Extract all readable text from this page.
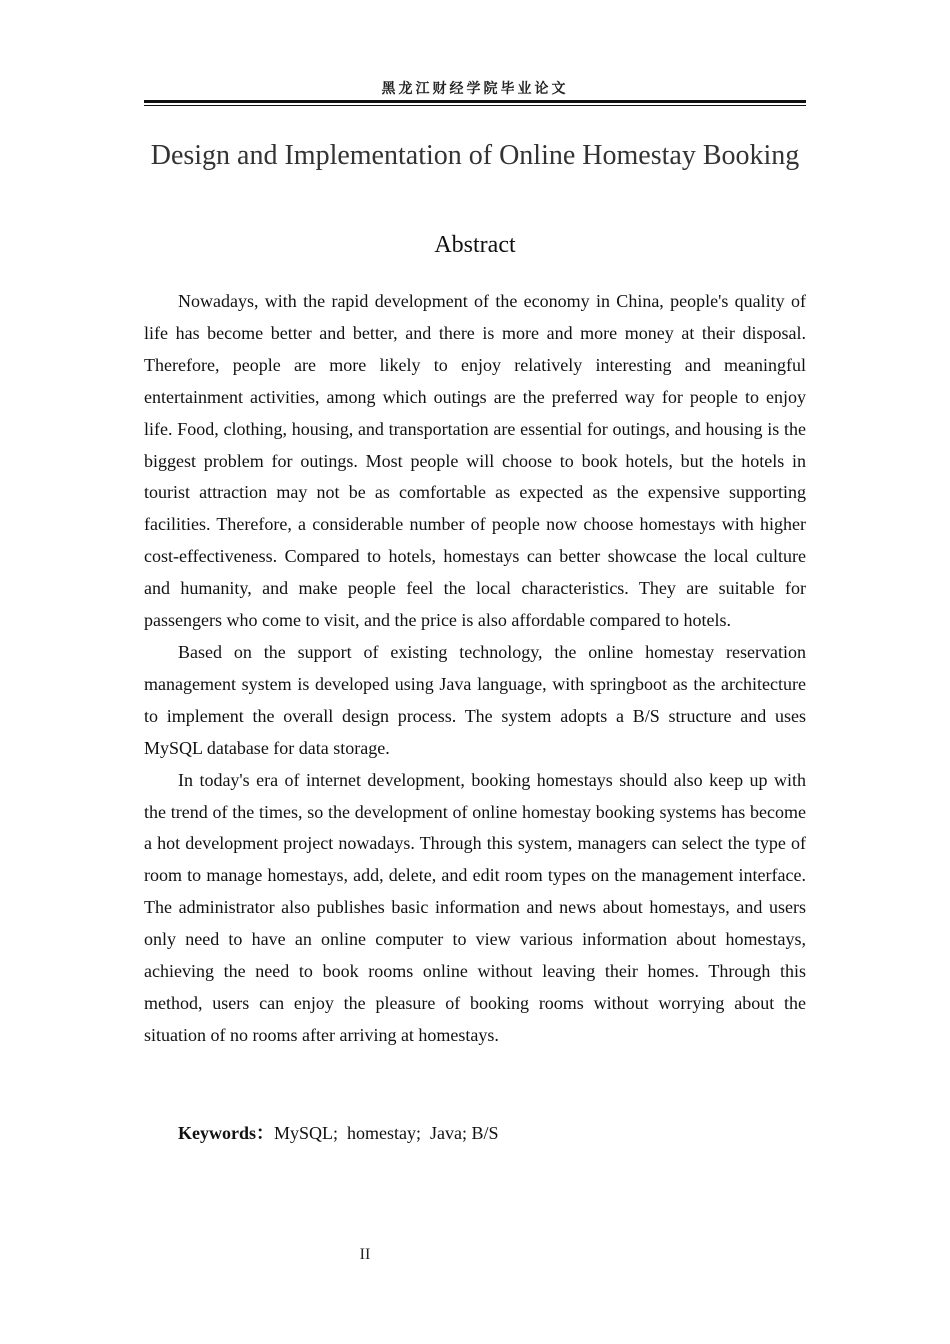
黑龙江财经学院毕业论文
Design and Implementation of Online Homestay Booking
Abstract

Nowadays, with the rapid development of the economy in China, people's quality of life has become better and better, and there is more and more money at their disposal. Therefore, people are more likely to enjoy relatively interesting and meaningful entertainment activities, among which outings are the preferred way for people to enjoy life. Food, clothing, housing, and transportation are essential for outings, and housing is the biggest problem for outings. Most people will choose to book hotels, but the hotels in tourist attraction may not be as comfortable as expected as the expensive supporting facilities. Therefore, a considerable number of people now choose homestays with higher cost-effectiveness. Compared to hotels, homestays can better showcase the local culture and humanity, and make people feel the local characteristics. They are suitable for passengers who come to visit, and the price is also affordable compared to hotels.

Based on the support of existing technology, the online homestay reservation management system is developed using Java language, with springboot as the architecture to implement the overall design process. The system adopts a B/S structure and uses MySQL database for data storage.

In today's era of internet development, booking homestays should also keep up with the trend of the times, so the development of online homestay booking systems has become a hot development project nowadays. Through this system, managers can select the type of room to manage homestays, add, delete, and edit room types on the management interface. The administrator also publishes basic information and news about homestays, and users only need to have an online computer to view various information about homestays, achieving the need to book rooms online without leaving their homes. Through this method, users can enjoy the pleasure of booking rooms without worrying about the situation of no rooms after arriving at homestays.

Keywords：MySQL;  homestay;  Java; B/S
II
